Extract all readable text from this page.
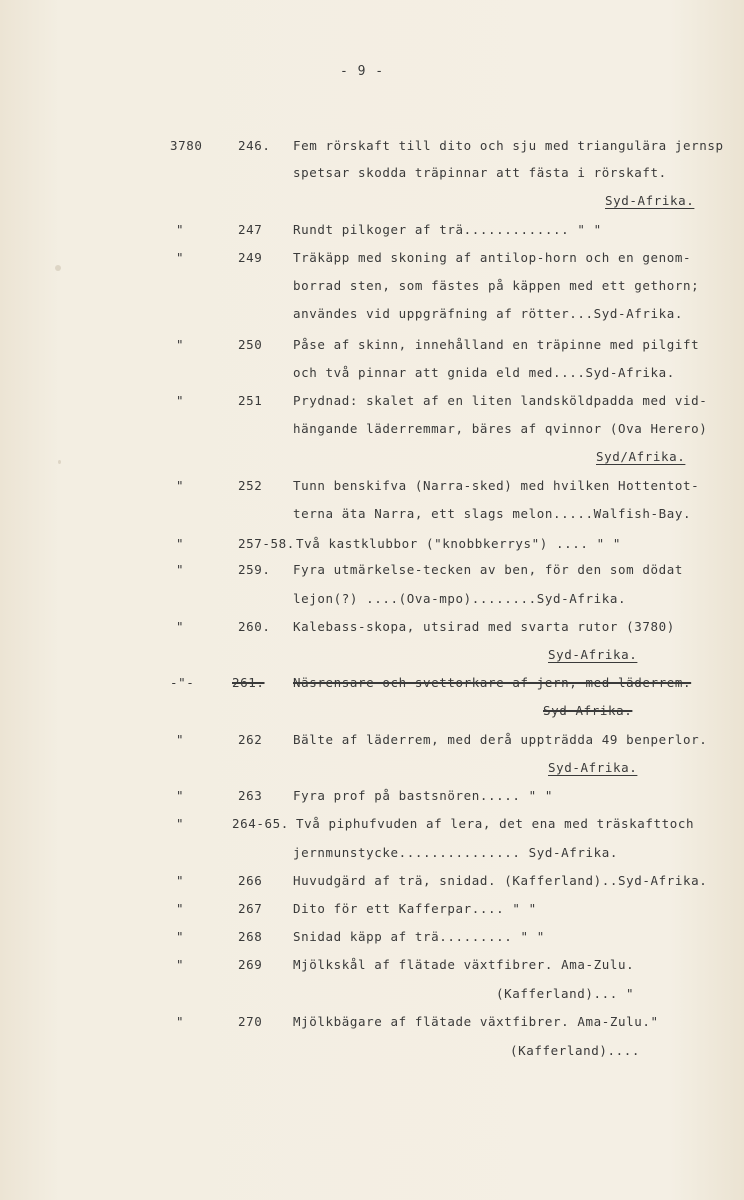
- 9 -
3780	246. Fem rörskaft till dito och sju med triangulära jernsp
spetsar skodda träpinnar att fästa i rörskaft.
Syd-Afrika.
"	247 Rundt pilkoger af trä............. " "
"	249 Träkäpp med skoning af antilop-horn och en genom-
borrad sten, som fästes på käppen med ett gethorn;
användes vid uppgräfning af rötter...Syd-Afrika.
"	250 Påse af skinn, innehålland en träpinne med pilgift
och två pinnar att gnida eld med....Syd-Afrika.
"	251 Prydnad: skalet af en liten landsköldpadda med vid-
hängande läderremmar, bäres af qvinnor (Ova Herero)
Syd/Afrika.
"	252 Tunn benskifva (Narra-sked) med hvilken Hottentot-
terna äta Narra, ett slags melon.....Walfish-Bay.
"	257-58. Två kastklubbor ("knobbkerrys") .... " "
"	259. Fyra utmärkelse-tecken av ben, för den som dödat
lejon(?) ....(Ova-mpo)........Syd-Afrika.
"	260. Kalebass-skopa, utsirad med svarta rutor (3780)
Syd-Afrika.
-"-	261. Näsrensare och svettorkare af jern, med läderrem.
Syd-Afrika.
"	262 Bälte af läderrem, med derå uppträdda 49 benperlor.
Syd-Afrika.
"	263 Fyra prof på bastsnören..... " "
"	264-65. Två piphufvuden af lera, det ena med träskafttoch
jernmunstycke............... Syd-Afrika.
"	266 Huvudgärd af trä, snidad. (Kafferland)..Syd-Afrika.
"	267 Dito för ett Kafferpar.... " "
"	268 Snidad käpp af trä......... " "
"	269 Mjölkskål af flätade växtfibrer. Ama-Zulu.
(Kafferland)... "
"	270 Mjölkbägare af flätade växtfibrer. Ama-Zulu."
(Kafferland)....
